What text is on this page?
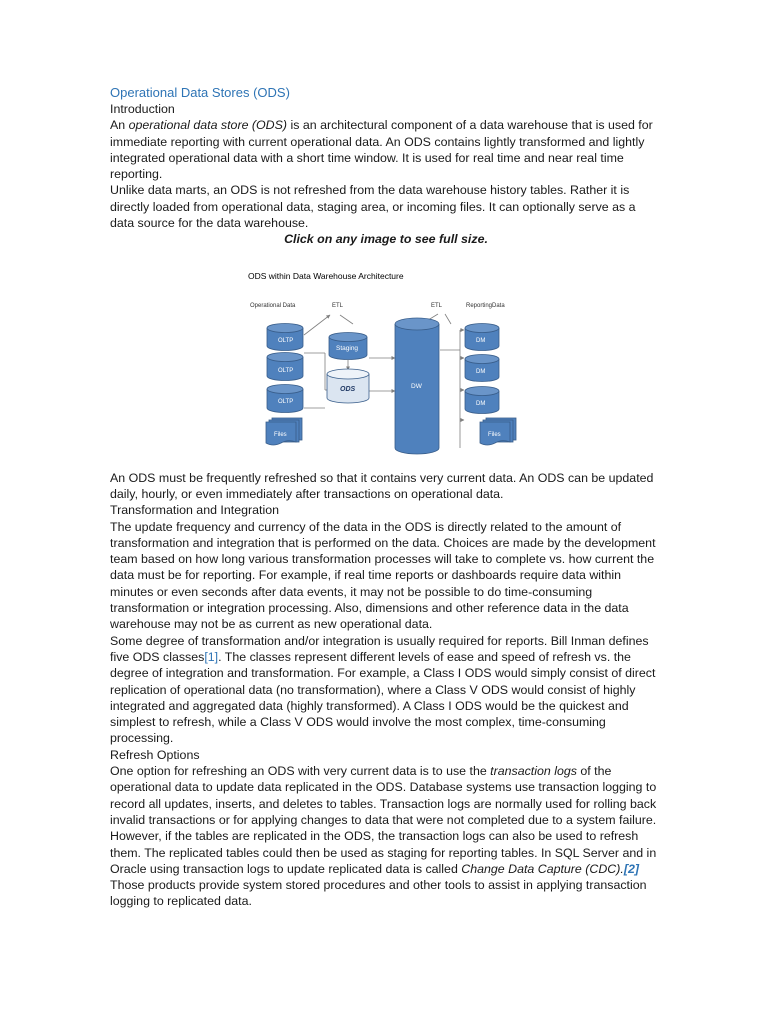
Operational Data Stores (ODS)

Introduction

An operational data store (ODS) is an architectural component of a data warehouse that is used for immediate reporting with current operational data. An ODS contains lightly transformed and lightly integrated operational data with a short time window. It is used for real time and near real time reporting.

Unlike data marts, an ODS is not refreshed from the data warehouse history tables. Rather it is directly loaded from operational data, staging area, or incoming files. It can optionally serve as a data source for the data warehouse.

Click on any image to see full size.

ODS within Data Warehouse Architecture
Operational Data	ETL	ETL	ReportingData
OLTP
OLTP
OLTP
Files
Staging
ODS	DW
DM
DM
DM
Files

An ODS must be frequently refreshed so that it contains very current data. An ODS can be updated daily, hourly, or even immediately after transactions on operational data.

Transformation and Integration

The update frequency and currency of the data in the ODS is directly related to the amount of transformation and integration that is performed on the data. Choices are made by the development team based on how long various transformation processes will take to complete vs. how current the data must be for reporting. For example, if real time reports or dashboards require data within minutes or even seconds after data events, it may not be possible to do time-consuming transformation or integration processing. Also, dimensions and other reference data in the data warehouse may not be as current as new operational data.

Some degree of transformation and/or integration is usually required for reports. Bill Inman defines five ODS classes[1]. The classes represent different levels of ease and speed of refresh vs. the degree of integration and transformation. For example, a Class I ODS would simply consist of direct replication of operational data (no transformation), where a Class V ODS would consist of highly integrated and aggregated data (highly transformed). A Class I ODS would be the quickest and simplest to refresh, while a Class V ODS would involve the most complex, time-consuming processing.

Refresh Options

One option for refreshing an ODS with very current data is to use the transaction logs of the operational data to update data replicated in the ODS. Database systems use transaction logging to record all updates, inserts, and deletes to tables. Transaction logs are normally used for rolling back invalid transactions or for applying changes to data that were not completed due to a system failure. However, if the tables are replicated in the ODS, the transaction logs can also be used to refresh them. The replicated tables could then be used as staging for reporting tables. In SQL Server and in Oracle using transaction logs to update replicated data is called Change Data Capture (CDC).[2] Those products provide system stored procedures and other tools to assist in applying transaction logging to replicated data.
